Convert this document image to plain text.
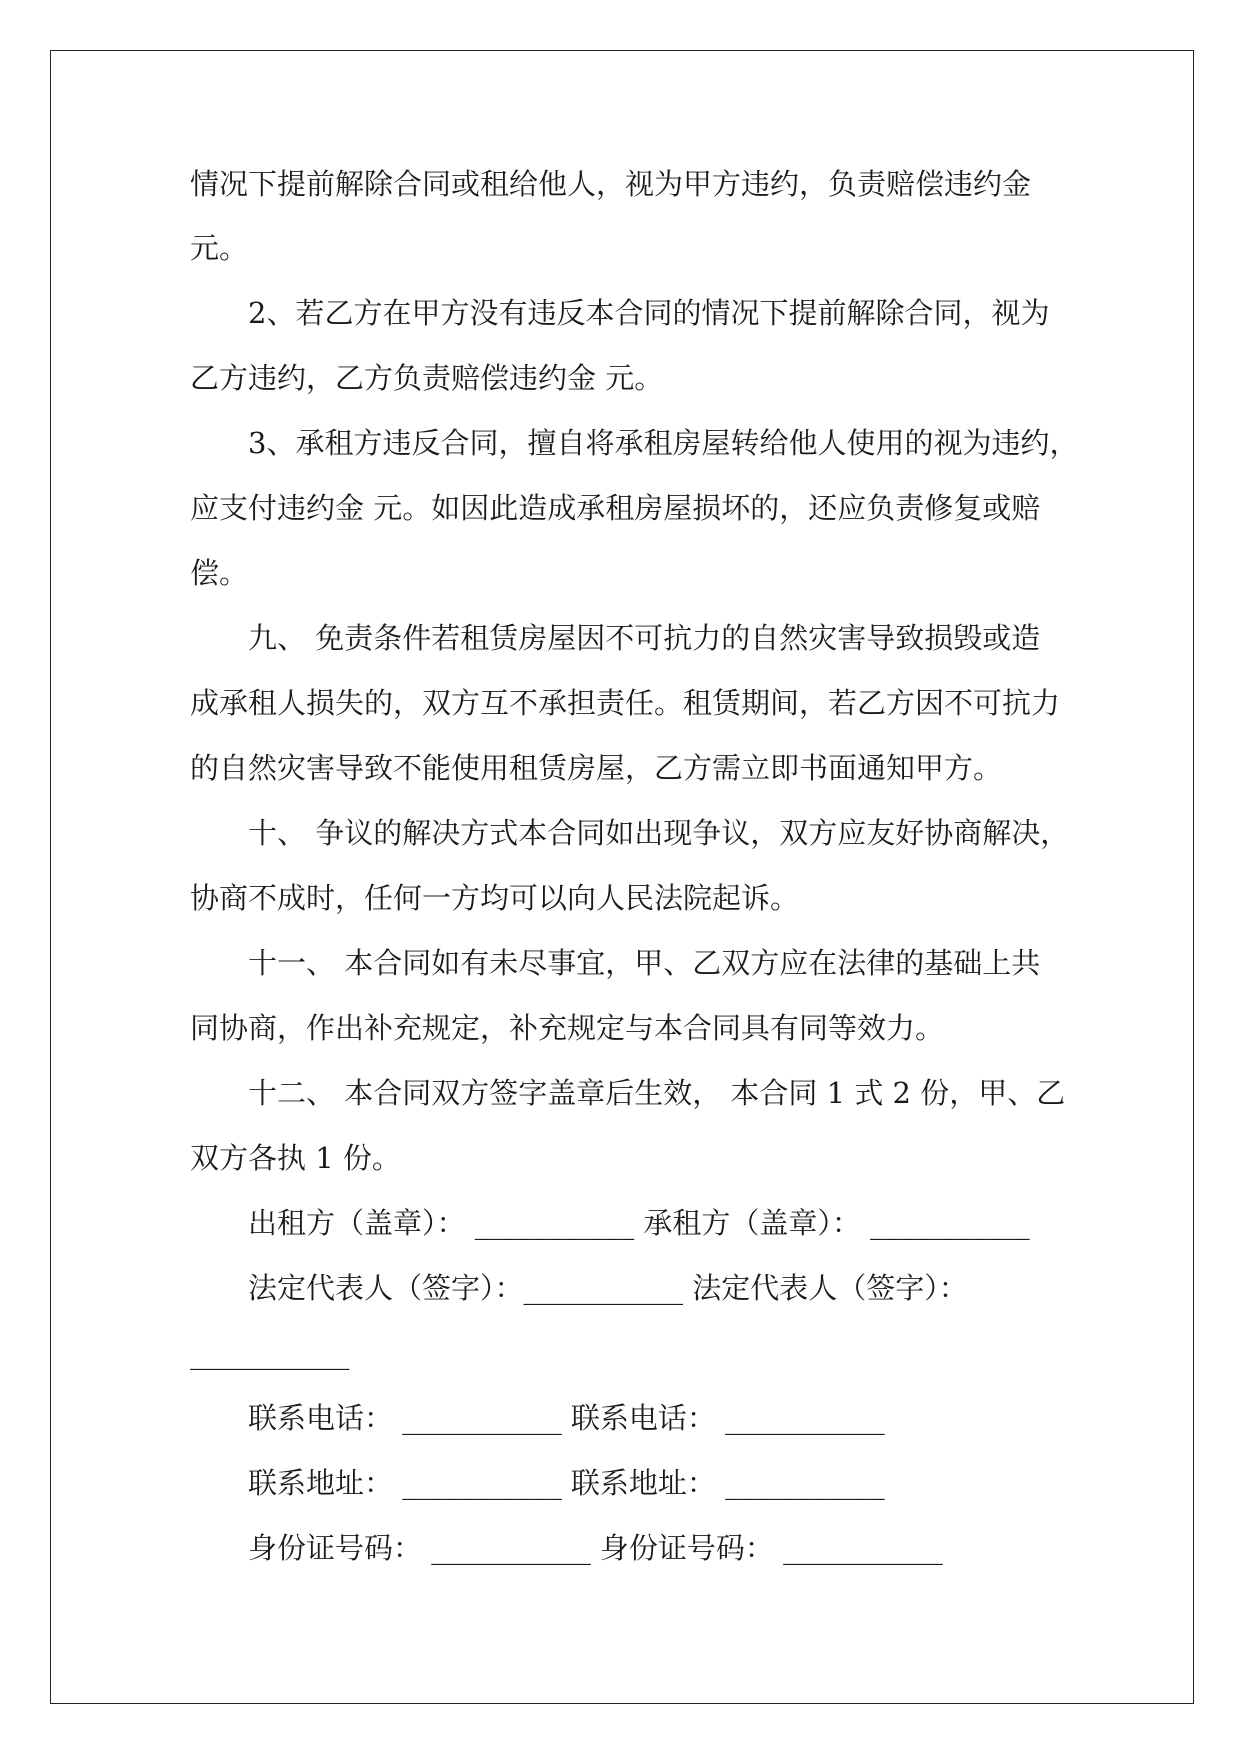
情况下提前解除合同或租给他人，视为甲方违约，负责赔偿违约金
元。
2、若乙方在甲方没有违反本合同的情况下提前解除合同，视为
乙方违约，乙方负责赔偿违约金 元。
3、承租方违反合同，擅自将承租房屋转给他人使用的视为违约，
应支付违约金 元。如因此造成承租房屋损坏的，还应负责修复或赔
偿。
九、 免责条件若租赁房屋因不可抗力的自然灾害导致损毁或造
成承租人损失的，双方互不承担责任。租赁期间，若乙方因不可抗力
的自然灾害导致不能使用租赁房屋，乙方需立即书面通知甲方。
十、 争议的解决方式本合同如出现争议，双方应友好协商解决，
协商不成时，任何一方均可以向人民法院起诉。
十一、 本合同如有未尽事宜，甲、乙双方应在法律的基础上共
同协商，作出补充规定，补充规定与本合同具有同等效力。
十二、 本合同双方签字盖章后生效， 本合同 1 式 2 份，甲、乙
双方各执 1 份。
出租方（盖章）： ___________ 承租方（盖章）： ___________
法定代表人（签字）：___________ 法定代表人（签字）：
___________
联系电话： ___________ 联系电话： ___________
联系地址： ___________ 联系地址： ___________
身份证号码： ___________ 身份证号码： ___________
